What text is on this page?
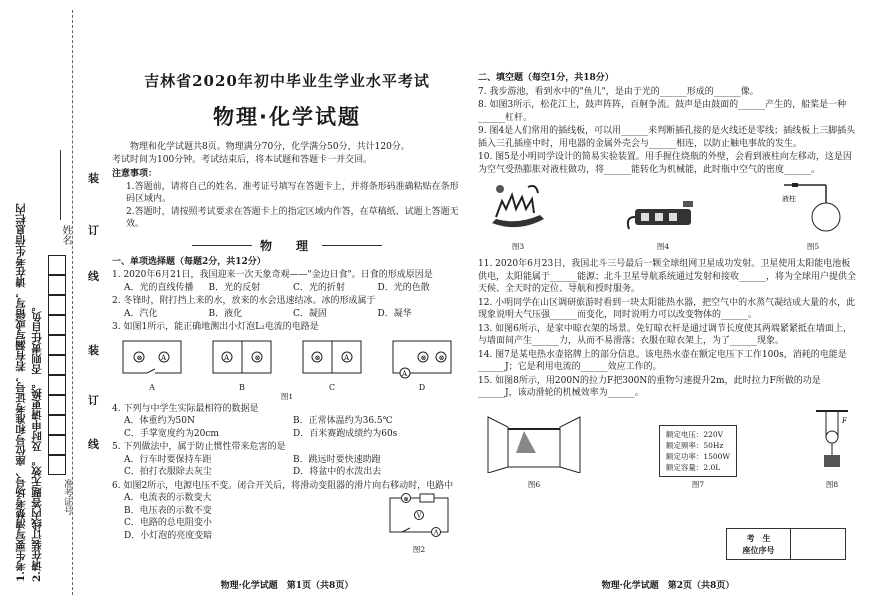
1.考生要写清楚考场号、座位号和准考证号，若有漏写或错写，请在考生信息栏内 2.请在装订线内答题无效。 及时申请更换。 否则责任自负。
姓名
准考证号
装
订
线
装
订
线
吉林省2020年初中毕业生学业水平考试
物理·化学试题
物理和化学试题共8页。物理满分70分，化学满分50分，共计120分。
考试时间为100分钟。考试结束后，将本试题和答题卡一并交回。
注意事项：
1.答题前，请将自己的姓名、准考证号填写在答题卡上，并将条形码准确粘贴在条形码区域内。
2.答题时，请按照考试要求在答题卡上的指定区域内作答，在草稿纸、试题上答题无效。
物　理
一、单项选择题（每题2分，共12分）
1. 2020年6月21日，我国迎来一次天象奇观——"金边日食"。日食的形成原因是
A．光的直线传播	B．光的反射	C．光的折射	D．光的色散
2. 冬锋时，附打挡上来的水，放来的水会迅速结冰。冰的形成属于
A．汽化	B．液化	C．凝固	D．凝华
3. 如图1所示，能正确地测出小灯泡L₂电流的电路是
⊗	A
A
A	⊗
B
⊗	A
C
A
⊗ ⊗
D
图1
4. 下列与中学生实际最相符的数据是
A．体重约为50N	B．正常体温约为36.5℃
C．手掌宽度约为20cm	D．百米赛跑成绩约为60s
5. 下列做法中，属于防止惯性带来危害的是
A．行车时要保持车距	B．跳远时要快速助跑
C．拍打衣服除去灰尘	D．将盆中的水泼出去
6. 如图2所示，电源电压不变。闭合开关后，将滑动变阻器的滑片向右移动时，电路中
A．电流表的示数变大
B．电压表的示数不变
C．电路的总电阻变小
D．小灯泡的亮度变暗
⊗
V
A
图2
物理·化学试题　第1页（共8页）
二、填空题（每空1分，共18分）
7. 我步游池，看到水中的"鱼儿"，是由于光的______形成的______像。
8. 如图3所示，松花江上，鼓声阵阵，百舸争流。鼓声是由鼓面的______产生的，船桨是一种______杠杆。
9. 图4是人们常用的插线板，可以用______来判断插孔接的是火线还是零线；插线板上三脚插头插入三孔插座中时，用电器的金属外壳会与______相连，以防止触电事故的发生。
10. 图5是小明同学设计的简易实验装置。用手握住烧瓶的外壁，会看到液柱向左移动，这是因为空气受热膨胀对液柱做功，将______能转化为机械能，此时瓶中空气的密度______。
图3	图4
液柱
图5
11. 2020年6月23日，我国北斗三号最后一颗全球组网卫星成功发射。卫星使用太阳能电池板供电，太阳能属于______能源；北斗卫星导航系统通过发射和接收______，将为全球用户提供全天候、全天时的定位、导航和授时服务。
12. 小明同学在山区调研旅游时看到一块太阳能热水器，把空气中的水蒸气凝结成大量的水，此现象说明大气压强______而变化，同时说明力可以改变物体的______。
13. 如图6所示，是家中晾衣架的场景。免钉晾衣杆是通过调节长度使其两端紧紧抵在墙面上，与墙面间产生______力，从而不易滑落；衣服在晾衣架上，为了______现象。
14. 图7是某电热水壶铭牌上的部分信息。该电热水壶在额定电压下工作100s，消耗的电能是______J；它是利用电流的______效应工作的。
15. 如图8所示，用200N的拉力F把300N的重物匀速提升2m，此时拉力F所做的功是______J，该动滑轮的机械效率为______。
图6
额定电压：220V
额定频率：50Hz
额定功率：1500W
额定容量：2.0L
图7
F
图8
考　生
座位序号
物理·化学试题　第2页（共8页）
